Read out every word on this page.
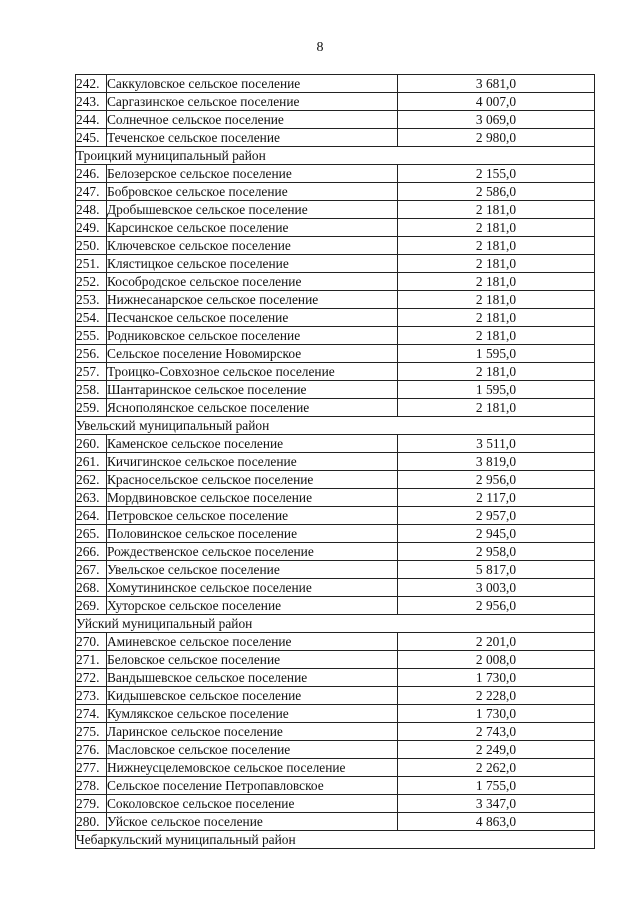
8
242.	Саккуловское сельское поселение	3 681,0
243.	Саргазинское сельское поселение	4 007,0
244.	Солнечное сельское поселение	3 069,0
245.	Теченское сельское поселение	2 980,0
Троицкий муниципальный район		
246.	Белозерское сельское поселение	2 155,0
247.	Бобровское сельское поселение	2 586,0
248.	Дробышевское сельское поселение	2 181,0
249.	Карсинское сельское поселение	2 181,0
250.	Ключевское сельское поселение	2 181,0
251.	Клястицкое сельское поселение	2 181,0
252.	Кособродское сельское поселение	2 181,0
253.	Нижнесанарское сельское поселение	2 181,0
254.	Песчанское сельское поселение	2 181,0
255.	Родниковское сельское поселение	2 181,0
256.	Сельское поселение Новомирское	1 595,0
257.	Троицко-Совхозное сельское поселение	2 181,0
258.	Шантаринское сельское поселение	1 595,0
259.	Яснополянское сельское поселение	2 181,0
Увельский муниципальный район		
260.	Каменское сельское поселение	3 511,0
261.	Кичигинское сельское поселение	3 819,0
262.	Красносельское сельское поселение	2 956,0
263.	Мордвиновское сельское поселение	2 117,0
264.	Петровское сельское поселение	2 957,0
265.	Половинское сельское поселение	2 945,0
266.	Рождественское сельское поселение	2 958,0
267.	Увельское сельское поселение	5 817,0
268.	Хомутининское сельское поселение	3 003,0
269.	Хуторское сельское поселение	2 956,0
Уйский муниципальный район		
270.	Аминевское сельское поселение	2 201,0
271.	Беловское сельское поселение	2 008,0
272.	Вандышевское сельское поселение	1 730,0
273.	Кидышевское сельское поселение	2 228,0
274.	Кумлякское сельское поселение	1 730,0
275.	Ларинское сельское поселение	2 743,0
276.	Масловское сельское поселение	2 249,0
277.	Нижнеусцелемовское сельское поселение	2 262,0
278.	Сельское поселение Петропавловское	1 755,0
279.	Соколовское сельское поселение	3 347,0
280.	Уйское сельское поселение	4 863,0
Чебаркульский муниципальный район		
